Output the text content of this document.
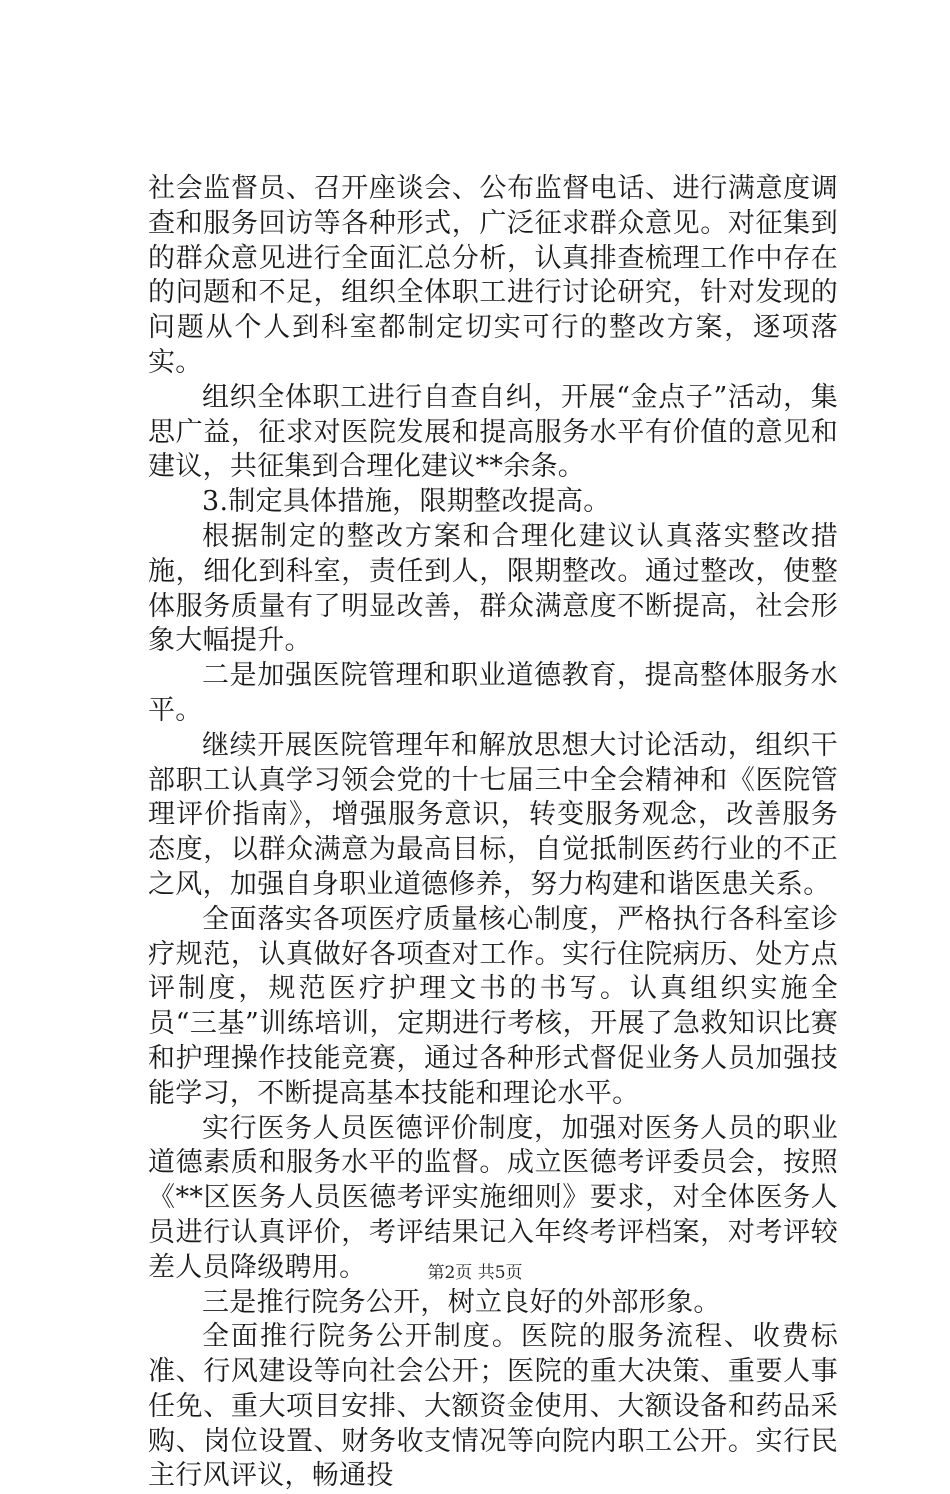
社会监督员、召开座谈会、公布监督电话、进行满意度调查和服务回访等各种形式，广泛征求群众意见。对征集到的群众意见进行全面汇总分析，认真排查梳理工作中存在的问题和不足，组织全体职工进行讨论研究，针对发现的问题从个人到科室都制定切实可行的整改方案，逐项落实。

组织全体职工进行自查自纠，开展“金点子”活动，集思广益，征求对医院发展和提高服务水平有价值的意见和建议，共征集到合理化建议**余条。

3.制定具体措施，限期整改提高。

根据制定的整改方案和合理化建议认真落实整改措施，细化到科室，责任到人，限期整改。通过整改，使整体服务质量有了明显改善，群众满意度不断提高，社会形象大幅提升。

二是加强医院管理和职业道德教育，提高整体服务水平。

继续开展医院管理年和解放思想大讨论活动，组织干部职工认真学习领会党的十七届三中全会精神和《医院管理评价指南》，增强服务意识，转变服务观念，改善服务态度，以群众满意为最高目标，自觉抵制医药行业的不正之风，加强自身职业道德修养，努力构建和谐医患关系。

全面落实各项医疗质量核心制度，严格执行各科室诊疗规范，认真做好各项查对工作。实行住院病历、处方点评制度，规范医疗护理文书的书写。认真组织实施全员“三基”训练培训，定期进行考核，开展了急救知识比赛和护理操作技能竞赛，通过各种形式督促业务人员加强技能学习，不断提高基本技能和理论水平。

实行医务人员医德评价制度，加强对医务人员的职业道德素质和服务水平的监督。成立医德考评委员会，按照《**区医务人员医德考评实施细则》要求，对全体医务人员进行认真评价，考评结果记入年终考评档案，对考评较差人员降级聘用。

三是推行院务公开，树立良好的外部形象。

全面推行院务公开制度。医院的服务流程、收费标准、行风建设等向社会公开；医院的重大决策、重要人事任免、重大项目安排、大额资金使用、大额设备和药品采购、岗位设置、财务收支情况等向院内职工公开。实行民主行风评议，畅通投

第2页 共5页
